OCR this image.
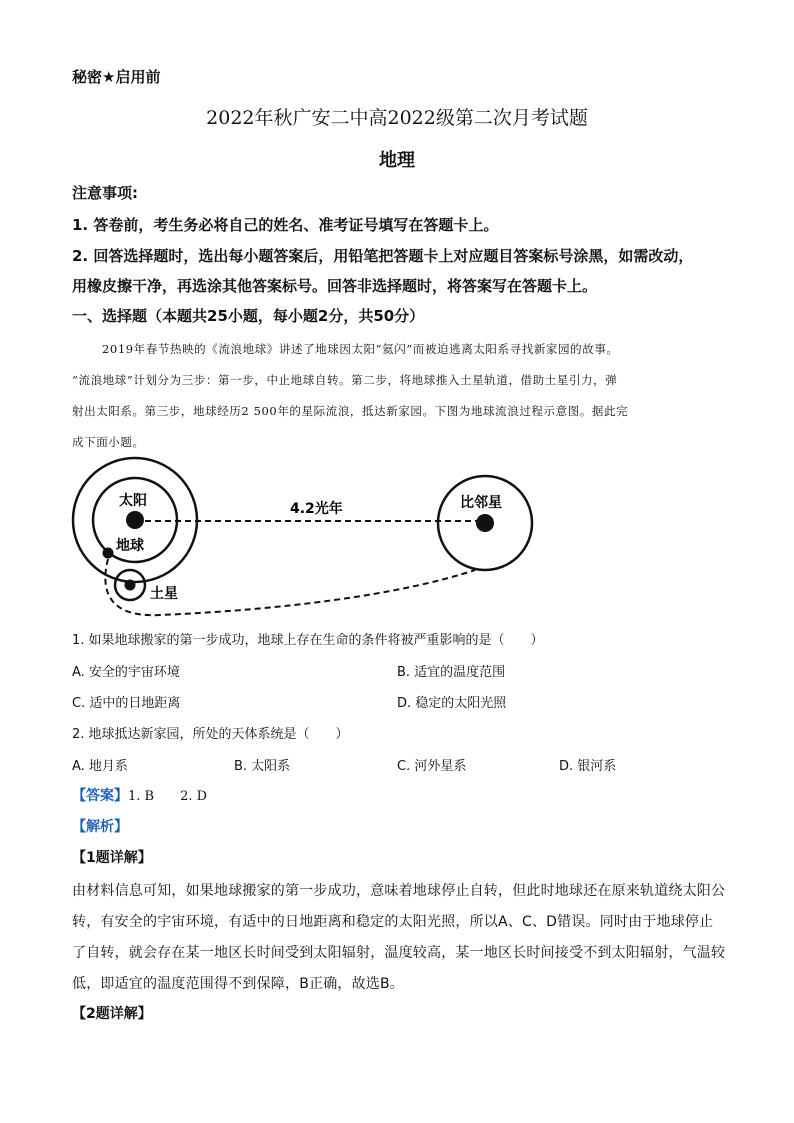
秘密★启用前
2022年秋广安二中高2022级第二次月考试题
地理
注意事项:
1. 答卷前，考生务必将自己的姓名、准考证号填写在答题卡上。
2. 回答选择题时，选出每小题答案后，用铅笔把答题卡上对应题目答案标号涂黑，如需改动，
用橡皮擦干净，再选涂其他答案标号。回答非选择题时，将答案写在答题卡上。
一、选择题（本题共25小题，每小题2分，共50分）
2019年春节热映的《流浪地球》讲述了地球因太阳“氦闪”而被迫逃离太阳系寻找新家园的故事。
“流浪地球”计划分为三步：第一步，中止地球自转。第二步，将地球推入土星轨道，借助土星引力，弹
射出太阳系。第三步，地球经历2 500年的星际流浪，抵达新家园。下图为地球流浪过程示意图。据此完
成下面小题。
太阳
地球
土星
比邻星
4.2光年
1. 如果地球搬家的第一步成功，地球上存在生命的条件将被严重影响的是（　　）
A. 安全的宇宙环境	B. 适宜的温度范围
C. 适中的日地距离	D. 稳定的太阳光照
2. 地球抵达新家园，所处的天体系统是（　　）
A. 地月系	B. 太阳系	C. 河外星系	D. 银河系
【答案】1. B　　2. D
【解析】
【1题详解】
由材料信息可知，如果地球搬家的第一步成功，意味着地球停止自转，但此时地球还在原来轨道绕太阳公
转，有安全的宇宙环境，有适中的日地距离和稳定的太阳光照，所以A、C、D错误。同时由于地球停止
了自转，就会存在某一地区长时间受到太阳辐射，温度较高，某一地区长时间接受不到太阳辐射，气温较
低，即适宜的温度范围得不到保障，B正确，故选B。
【2题详解】
